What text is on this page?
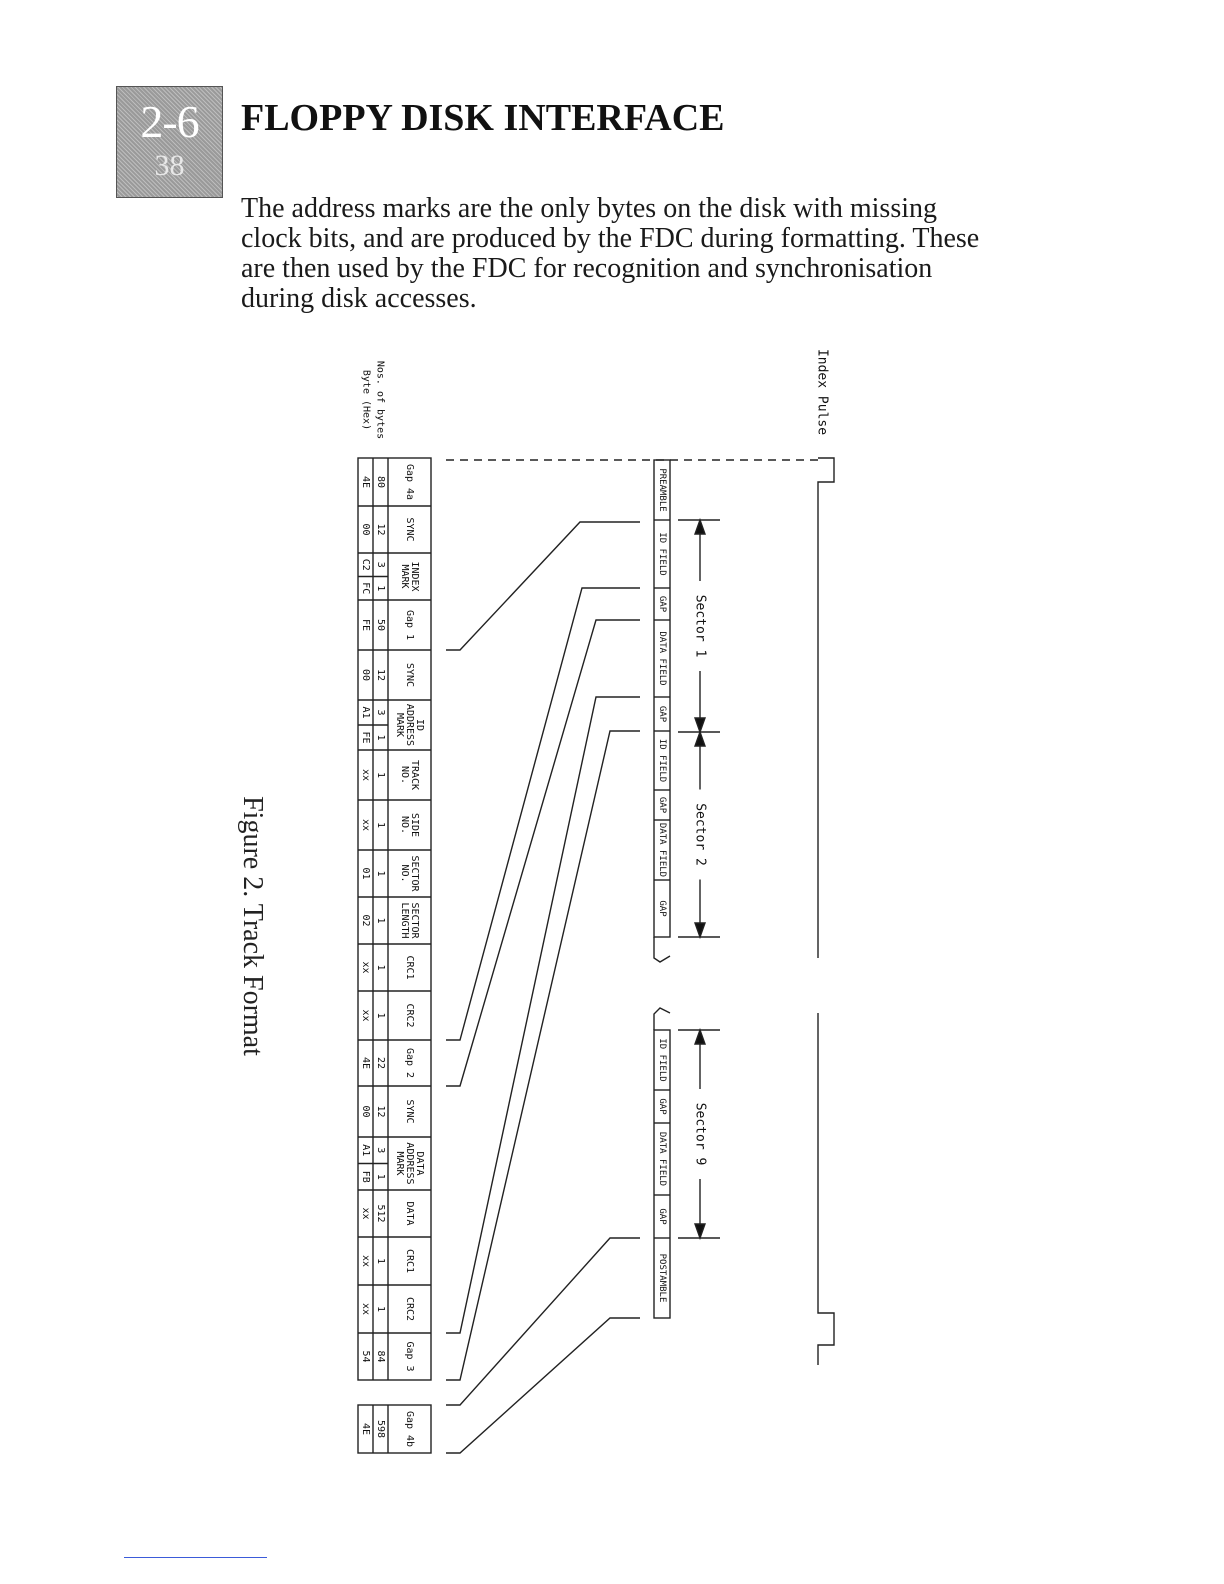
2-6
38
FLOPPY DISK INTERFACE

The address marks are the only bytes on the disk with missing clock bits, and are produced by the FDC during formatting. These are then used by the FDC for recognition and synchronisation during disk accesses.

Figure 2. Track Format
Gap 4a
80
4E
SYNC
12
00
INDEX
MARK
3
C2
1
FC
Gap 1
50
FE
SYNC
12
00
ID
ADDRESS
MARK
3
A1
1
FE
TRACK
NO.
1
xx
SIDE
NO.
1
xx
SECTOR
NO.
1
01
SECTOR
LENGTH
1
02
CRC1
1
xx
CRC2
1
xx
Gap 2
22
4E
SYNC
12
00
DATA
ADDRESS
MARK
3
A1
1
FB
DATA
512
xx
CRC1
1
xx
CRC2
1
xx
Gap 3
84
54
Gap 4b
598
4E
Nos. of bytes
Byte (Hex)
PREAMBLE
ID FIELD
GAP
DATA FIELD
GAP
ID FIELD
GAP
DATA FIELD
GAP
ID FIELD
GAP
DATA FIELD
GAP
POSTAMBLE
Sector 1
Sector 2
Sector 9
Index Pulse
